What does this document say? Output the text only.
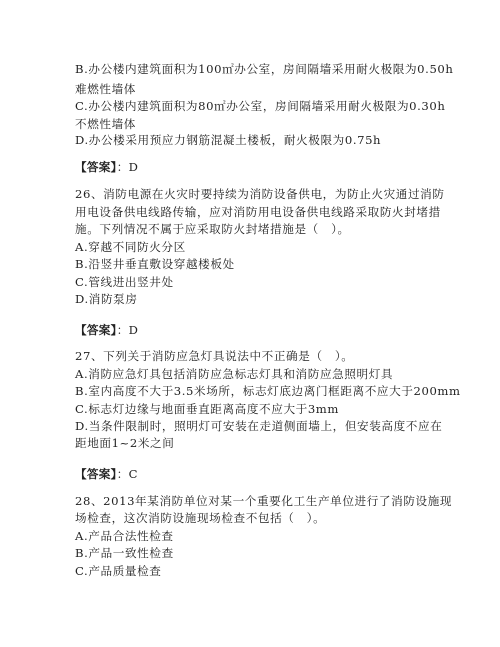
B.办公楼内建筑面积为100㎡办公室，房间隔墙采用耐火极限为0.50h
难燃性墙体
C.办公楼内建筑面积为80㎡办公室，房间隔墙采用耐火极限为0.30h
不燃性墙体
D.办公楼采用预应力钢筋混凝土楼板，耐火极限为0.75h
【答案】：D
26、消防电源在火灾时要持续为消防设备供电，为防止火灾通过消防
用电设备供电线路传输，应对消防用电设备供电线路采取防火封堵措
施。下列情况不属于应采取防火封堵措施是（　）。
A.穿越不同防火分区
B.沿竖井垂直敷设穿越楼板处
C.管线进出竖井处
D.消防泵房
【答案】：D
27、下列关于消防应急灯具说法中不正确是（　）。
A.消防应急灯具包括消防应急标志灯具和消防应急照明灯具
B.室内高度不大于3.5米场所，标志灯底边离门框距离不应大于200mm
C.标志灯边缘与地面垂直距离高度不应大于3mm
D.当条件限制时，照明灯可安装在走道侧面墙上，但安装高度不应在
距地面1~2米之间
【答案】：C
28、2013年某消防单位对某一个重要化工生产单位进行了消防设施现
场检查，这次消防设施现场检查不包括（　）。
A.产品合法性检查
B.产品一致性检查
C.产品质量检查
